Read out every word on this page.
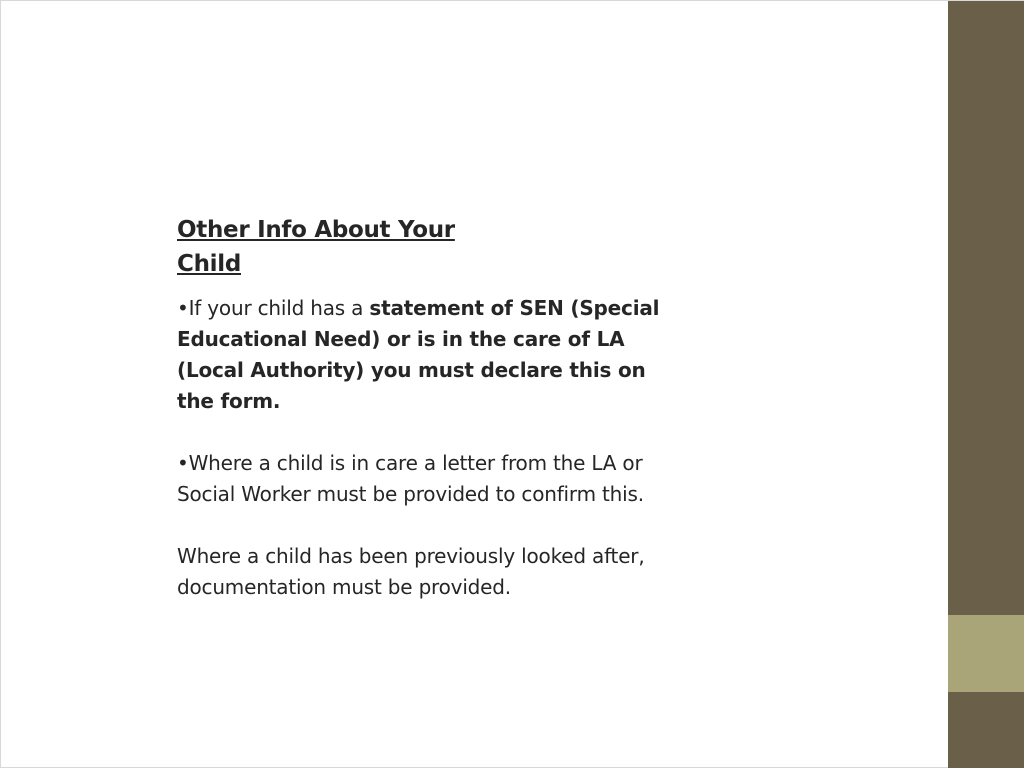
Other Info About Your Child

•If your child has a statement of SEN (Special Educational Need) or is in the care of LA (Local Authority) you must declare this on the form.

•Where a child is in care a letter from the LA or Social Worker must be provided to confirm this.

Where a child has been previously looked after, documentation must be provided.
